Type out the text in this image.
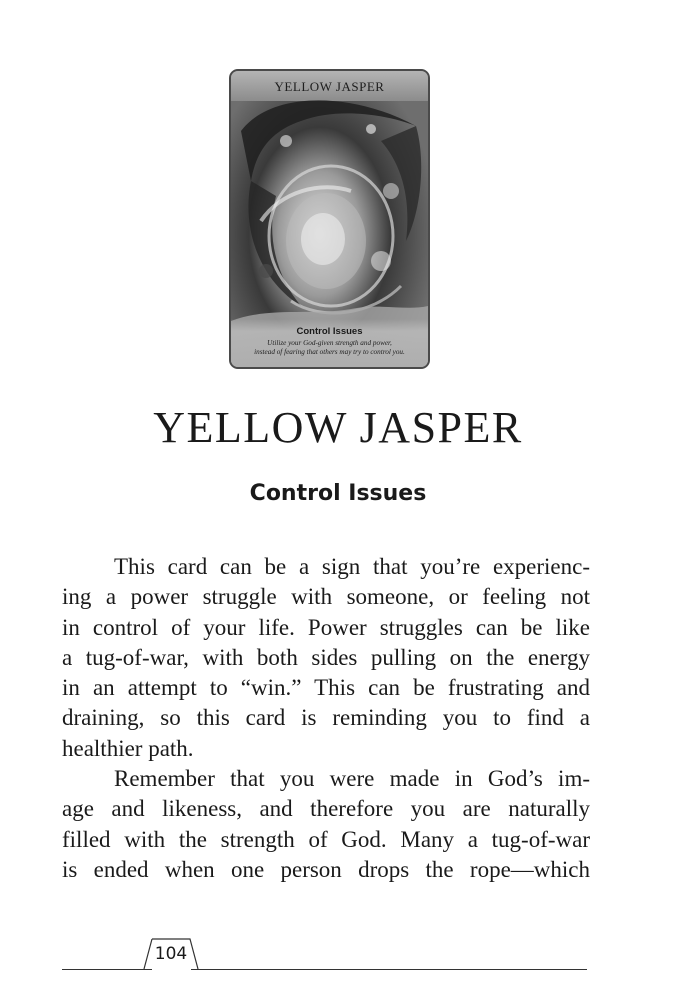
YELLOW JASPER
Control Issues
Utilize your God-given strength and power,
instead of fearing that others may try to control you.
YELLOW JASPER
Control Issues
This card can be a sign that you’re experienc-
ing a power struggle with someone, or feeling not
in control of your life. Power struggles can be like
a tug-of-war, with both sides pulling on the energy
in an attempt to “win.” This can be frustrating and
draining, so this card is reminding you to find a
healthier path.
Remember that you were made in God’s im-
age and likeness, and therefore you are naturally
filled with the strength of God. Many a tug-of-war
is ended when one person drops the rope—which
104
